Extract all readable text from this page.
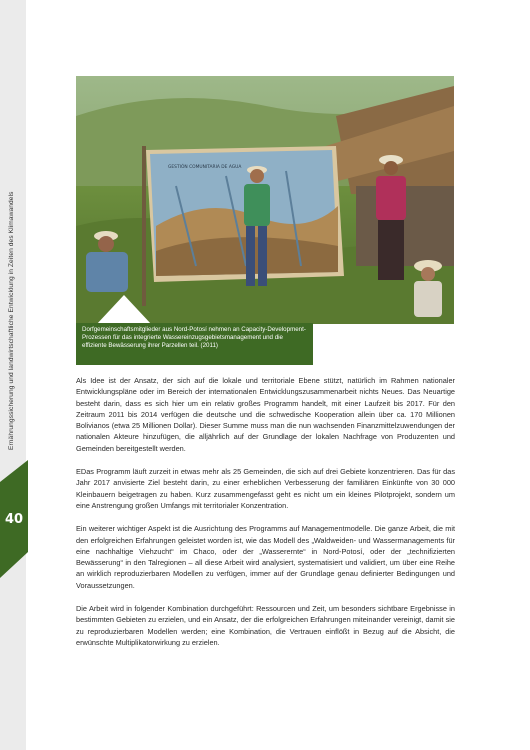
Ernährungssicherung und landwirtschaftliche Entwicklung in Zeiten des Klimawandels
40
GESTIÓN COMUNITARIA DE AGUA
Dorfgemeinschaftsmitglieder aus Nord-Potosí nehmen an Capacity-Development-Prozessen für das integrierte Wassereinzugsgebietsmanagement und die effiziente Bewässerung ihrer Parzellen teil. (2011)

Als Idee ist der Ansatz, der sich auf die lokale und territoriale Ebene stützt, natürlich im Rahmen nationaler Entwicklungspläne oder im Bereich der internationalen Entwicklungszusammenarbeit nichts Neues. Das Neuartige besteht darin, dass es sich hier um ein relativ großes Programm handelt, mit einer Laufzeit bis 2017. Für den Zeitraum 2011 bis 2014 verfügen die deutsche und die schwedische Kooperation allein über ca. 170 Millionen Bolivianos (etwa 25 Millionen Dollar). Dieser Summe muss man die nun wachsenden Finanzmittelzuwendungen der nationalen Akteure hinzufügen, die alljährlich auf der Grundlage der lokalen Nachfrage von Produzenten und Gemeinden bereitgestellt werden.

EDas Programm läuft zurzeit in etwas mehr als 25 Gemeinden, die sich auf drei Gebiete konzentrieren. Das für das Jahr 2017 anvisierte Ziel besteht darin, zu einer erheblichen Verbesserung der familiären Einkünfte von 30 000 Kleinbauern beigetragen zu haben. Kurz zusammengefasst geht es nicht um ein kleines Pilotprojekt, sondern um eine Anstrengung großen Umfangs mit territorialer Konzentration.

Ein weiterer wichtiger Aspekt ist die Ausrichtung des Programms auf Managementmodelle. Die ganze Arbeit, die mit den erfolgreichen Erfahrungen geleistet worden ist, wie das Modell des „Waldweiden- und Wassermanagements für eine nachhaltige Viehzucht“ im Chaco, oder der „Wasserernte“ in Nord-Potosí, oder der „technifizierten Bewässerung“ in den Talregionen – all diese Arbeit wird analysiert, systematisiert und validiert, um über eine Reihe an wirklich reproduzierbaren Modellen zu verfügen, immer auf der Grundlage genau definierter Bedingungen und Voraussetzungen.

Die Arbeit wird in folgender Kombination durchgeführt: Ressourcen und Zeit, um besonders sichtbare Ergebnisse in bestimmten Gebieten zu erzielen, und ein Ansatz, der die erfolgreichen Erfahrungen miteinander vereinigt, damit sie zu reproduzierbaren Modellen werden; eine Kombination, die Vertrauen einflößt in Bezug auf die Absicht, die erwünschte Multiplikatorwirkung zu erzielen.
